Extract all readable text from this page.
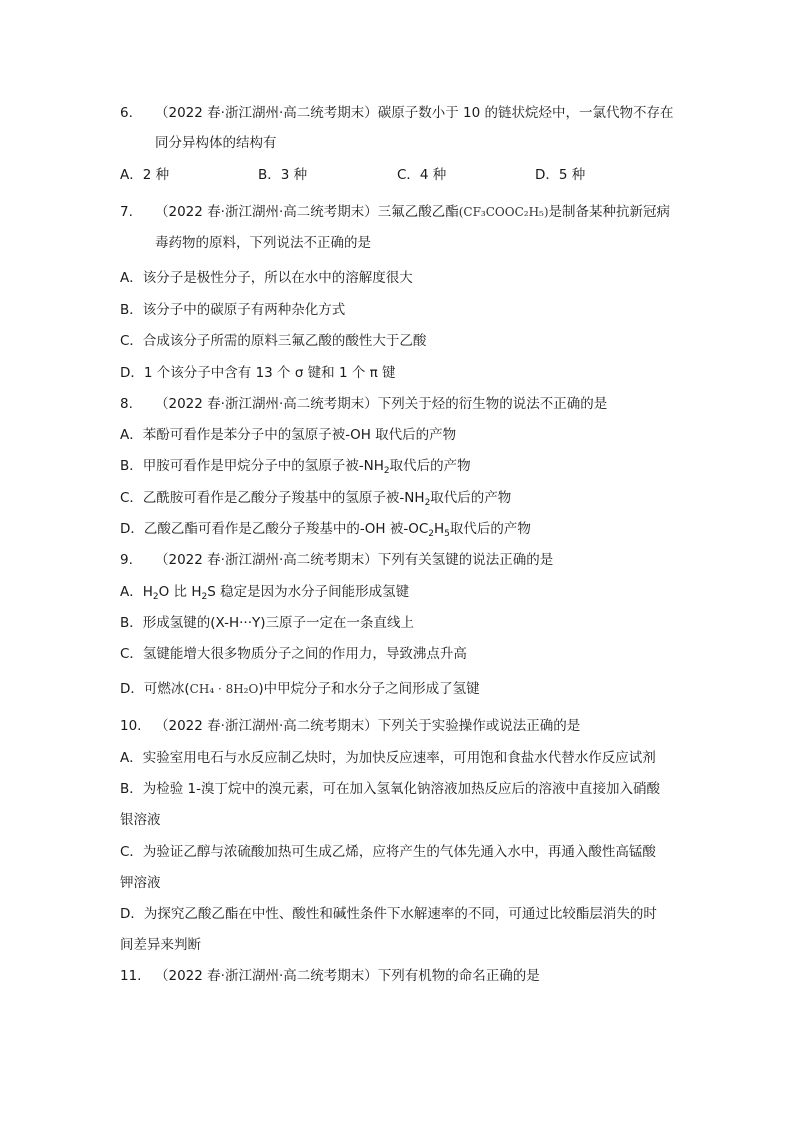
6. （2022 春·浙江湖州·高二统考期末）碳原子数小于 10 的链状烷烃中，一氯代物不存在
同分异构体的结构有
A．2 种	B．3 种	C．4 种	D．5 种
7. （2022 春·浙江湖州·高二统考期末）三氟乙酸乙酯(CF₃COOC₂H₅)是制备某种抗新冠病
毒药物的原料，下列说法不正确的是
A．该分子是极性分子，所以在水中的溶解度很大
B．该分子中的碳原子有两种杂化方式
C．合成该分子所需的原料三氟乙酸的酸性大于乙酸
D．1 个该分子中含有 13 个 σ 键和 1 个 π 键
8. （2022 春·浙江湖州·高二统考期末）下列关于烃的衍生物的说法不正确的是
A．苯酚可看作是苯分子中的氢原子被-OH 取代后的产物
B．甲胺可看作是甲烷分子中的氢原子被$-NH_2$取代后的产物
C．乙酰胺可看作是乙酸分子羧基中的氢原子被$-NH_2$取代后的产物
D．乙酸乙酯可看作是乙酸分子羧基中的-OH 被$-OC_2H_5$取代后的产物
9. （2022 春·浙江湖州·高二统考期末）下列有关氢键的说法正确的是
A．$H_2O$ 比 $H_2S$ 稳定是因为水分子间能形成氢键
B．形成氢键的(X-H···Y)三原子一定在一条直线上
C．氢键能增大很多物质分子之间的作用力，导致沸点升高
D．可燃冰(CH₄ · 8H₂O)中甲烷分子和水分子之间形成了氢键
10. （2022 春·浙江湖州·高二统考期末）下列关于实验操作或说法正确的是
A．实验室用电石与水反应制乙炔时，为加快反应速率，可用饱和食盐水代替水作反应试剂
B．为检验 1-溴丁烷中的溴元素，可在加入氢氧化钠溶液加热反应后的溶液中直接加入硝酸
银溶液
C．为验证乙醇与浓硫酸加热可生成乙烯，应将产生的气体先通入水中，再通入酸性高锰酸
钾溶液
D．为探究乙酸乙酯在中性、酸性和碱性条件下水解速率的不同，可通过比较酯层消失的时
间差异来判断
11. （2022 春·浙江湖州·高二统考期末）下列有机物的命名正确的是
